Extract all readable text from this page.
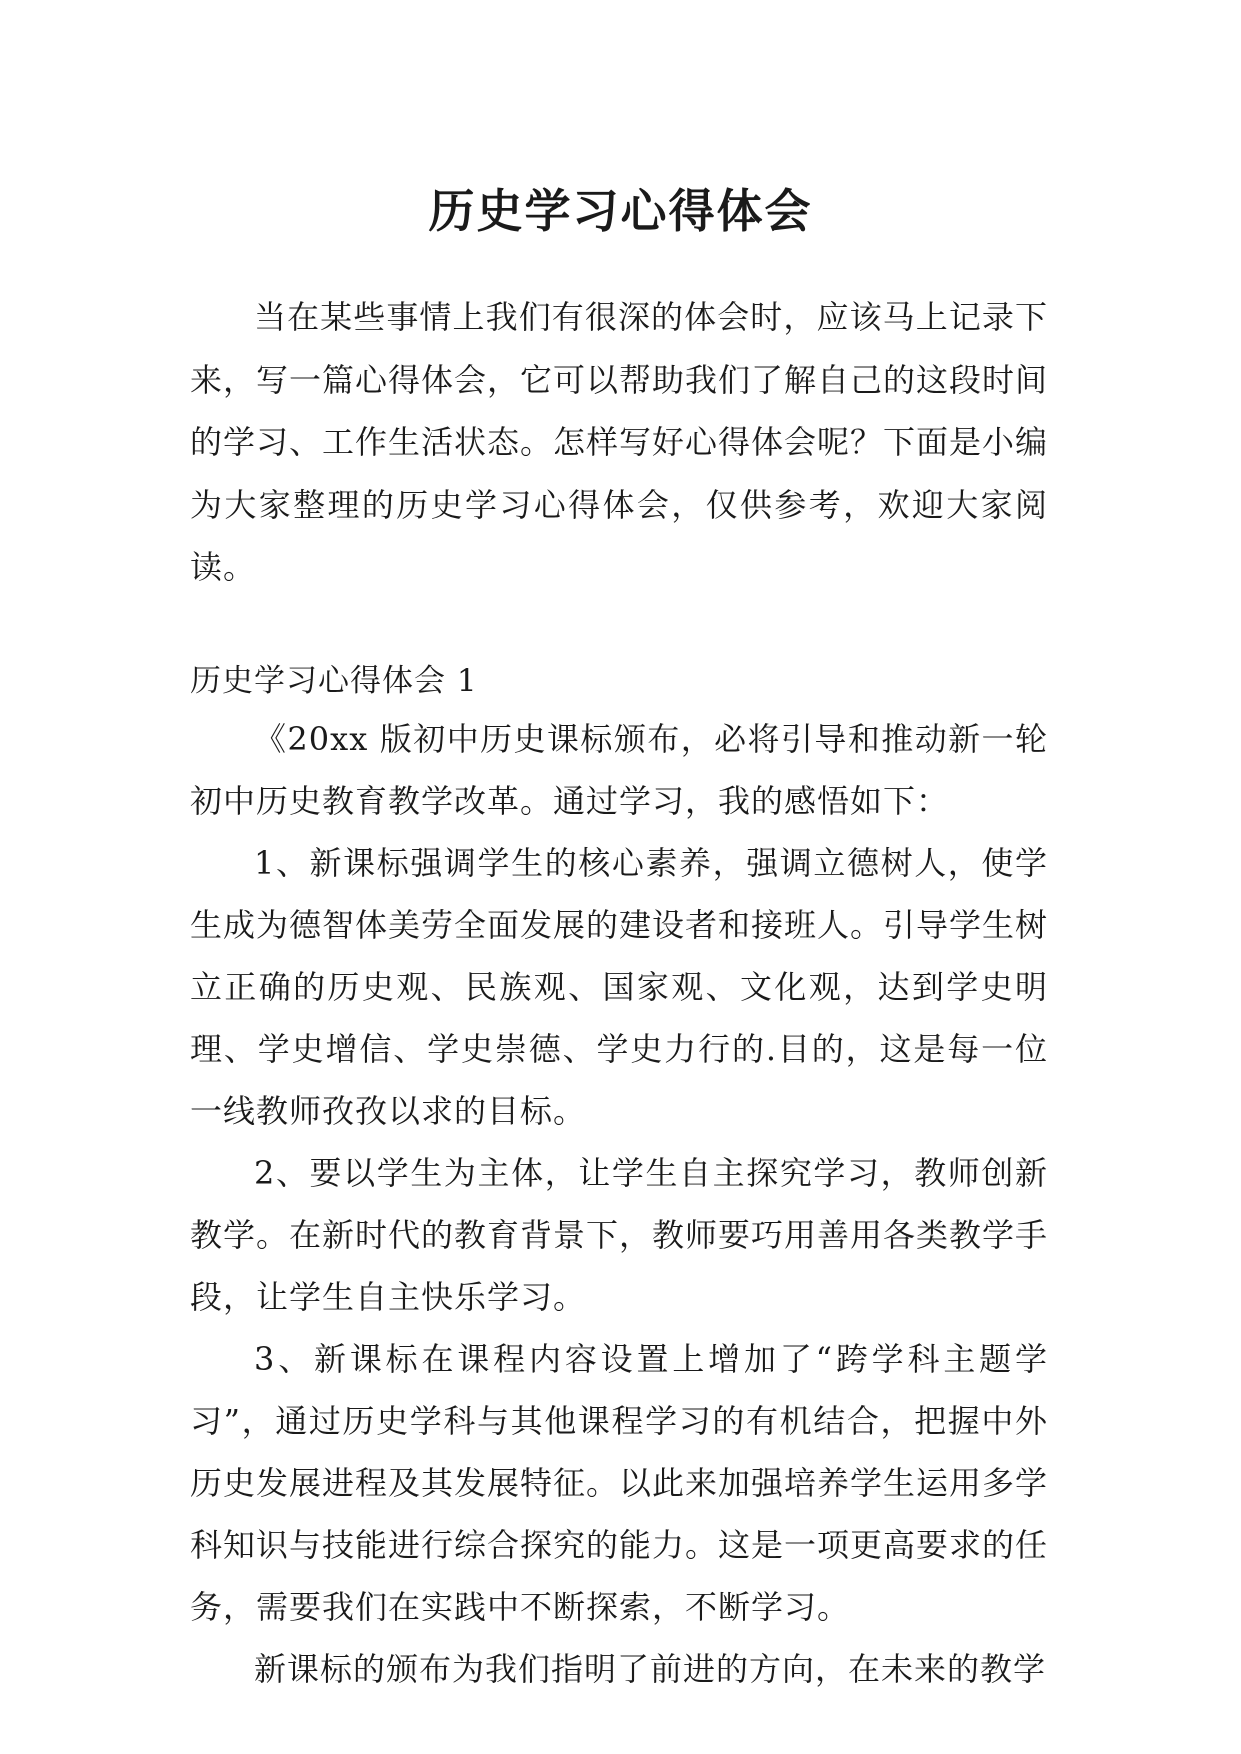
历史学习心得体会

当在某些事情上我们有很深的体会时，应该马上记录下来，写一篇心得体会，它可以帮助我们了解自己的这段时间的学习、工作生活状态。怎样写好心得体会呢？下面是小编为大家整理的历史学习心得体会，仅供参考，欢迎大家阅读。

历史学习心得体会 1

《20xx 版初中历史课标颁布，必将引导和推动新一轮初中历史教育教学改革。通过学习，我的感悟如下：

1、新课标强调学生的核心素养，强调立德树人，使学生成为德智体美劳全面发展的建设者和接班人。引导学生树立正确的历史观、民族观、国家观、文化观，达到学史明理、学史增信、学史崇德、学史力行的.目的，这是每一位一线教师孜孜以求的目标。

2、要以学生为主体，让学生自主探究学习，教师创新教学。在新时代的教育背景下，教师要巧用善用各类教学手段，让学生自主快乐学习。

3、新课标在课程内容设置上增加了“跨学科主题学习”，通过历史学科与其他课程学习的有机结合，把握中外历史发展进程及其发展特征。以此来加强培养学生运用多学科知识与技能进行综合探究的能力。这是一项更高要求的任务，需要我们在实践中不断探索，不断学习。

新课标的颁布为我们指明了前进的方向，在未来的教学
